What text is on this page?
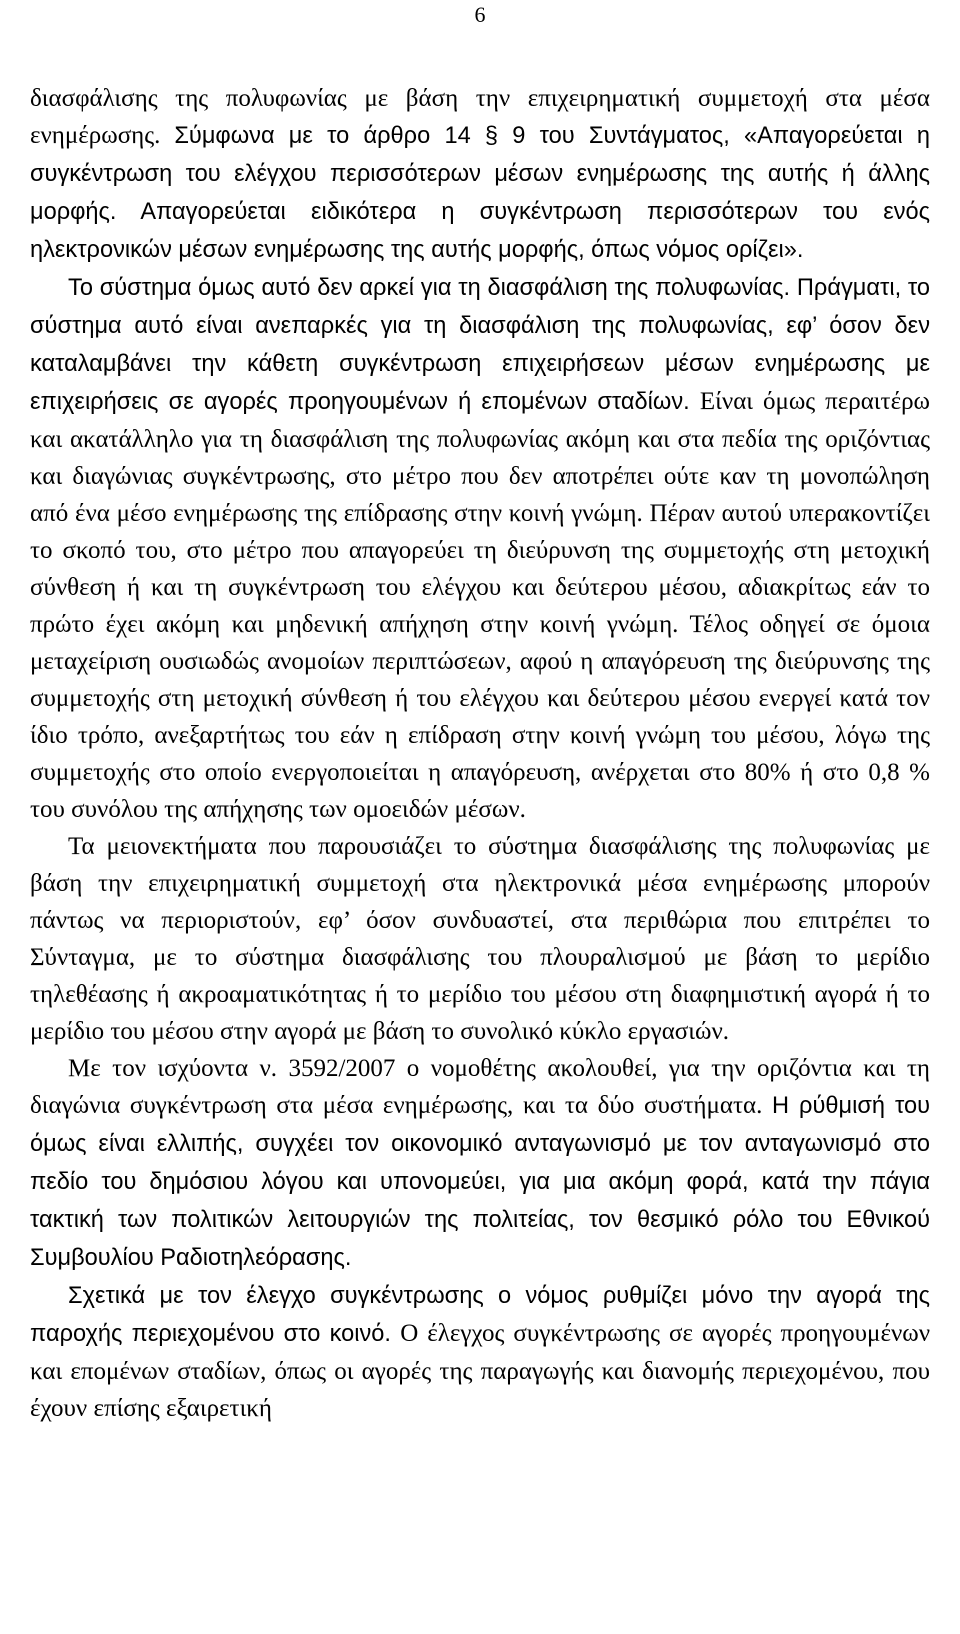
6

διασφάλισης της πολυφωνίας με βάση την επιχειρηματική συμμετοχή στα μέσα ενημέρωσης. Σύμφωνα με το άρθρο 14 § 9 του Συντάγματος, «Απαγορεύεται η συγκέντρωση του ελέγχου περισσότερων μέσων ενημέρωσης της αυτής ή άλλης μορφής. Απαγορεύεται ειδικότερα η συγκέντρωση περισσότερων του ενός ηλεκτρονικών μέσων ενημέρωσης της αυτής μορφής, όπως νόμος ορίζει».

Το σύστημα όμως αυτό δεν αρκεί για τη διασφάλιση της πολυφωνίας. Πράγματι, το σύστημα αυτό είναι ανεπαρκές για τη διασφάλιση της πολυφωνίας, εφ’ όσον δεν καταλαμβάνει την κάθετη συγκέντρωση επιχειρήσεων μέσων ενημέρωσης με επιχειρήσεις σε αγορές προηγουμένων ή επομένων σταδίων. Είναι όμως περαιτέρω και ακατάλληλο για τη διασφάλιση της πολυφωνίας ακόμη και στα πεδία της οριζόντιας και διαγώνιας συγκέντρωσης, στο μέτρο που δεν αποτρέπει ούτε καν τη μονοπώληση από ένα μέσο ενημέρωσης της επίδρασης στην κοινή γνώμη. Πέραν αυτού υπερακοντίζει το σκοπό του, στο μέτρο που απαγορεύει τη διεύρυνση της συμμετοχής στη μετοχική σύνθεση ή και τη συγκέντρωση του ελέγχου και δεύτερου μέσου, αδιακρίτως εάν το πρώτο έχει ακόμη και μηδενική απήχηση στην κοινή γνώμη. Τέλος οδηγεί σε όμοια μεταχείριση ουσιωδώς ανομοίων περιπτώσεων, αφού η απαγόρευση της διεύρυνσης της συμμετοχής στη μετοχική σύνθεση ή του ελέγχου και δεύτερου μέσου ενεργεί κατά τον ίδιο τρόπο, ανεξαρτήτως του εάν η επίδραση στην κοινή γνώμη του μέσου, λόγω της συμμετοχής στο οποίο ενεργοποιείται η απαγόρευση, ανέρχεται στο 80% ή στο 0,8 % του συνόλου της απήχησης των ομοειδών μέσων.

Τα μειονεκτήματα που παρουσιάζει το σύστημα διασφάλισης της πολυφωνίας με βάση την επιχειρηματική συμμετοχή στα ηλεκτρονικά μέσα ενημέρωσης μπορούν πάντως να περιοριστούν, εφ’ όσον συνδυαστεί, στα περιθώρια που επιτρέπει το Σύνταγμα, με το σύστημα διασφάλισης του πλουραλισμού με βάση το μερίδιο τηλεθέασης ή ακροαματικότητας ή το μερίδιο του μέσου στη διαφημιστική αγορά ή το μερίδιο του μέσου στην αγορά με βάση το συνολικό κύκλο εργασιών.

Με τον ισχύοντα ν. 3592/2007 ο νομοθέτης ακολουθεί, για την οριζόντια και τη διαγώνια συγκέντρωση στα μέσα ενημέρωσης, και τα δύο συστήματα. Η ρύθμισή του όμως είναι ελλιπής, συγχέει τον οικονομικό ανταγωνισμό με τον ανταγωνισμό στο πεδίο του δημόσιου λόγου και υπονομεύει, για μια ακόμη φορά, κατά την πάγια τακτική των πολιτικών λειτουργιών της πολιτείας, τον θεσμικό ρόλο του Εθνικού Συμβουλίου Ραδιοτηλεόρασης.

Σχετικά με τον έλεγχο συγκέντρωσης ο νόμος ρυθμίζει μόνο την αγορά της παροχής περιεχομένου στο κοινό. Ο έλεγχος συγκέντρωσης σε αγορές προηγουμένων και επομένων σταδίων, όπως οι αγορές της παραγωγής και διανομής περιεχομένου, που έχουν επίσης εξαιρετική
